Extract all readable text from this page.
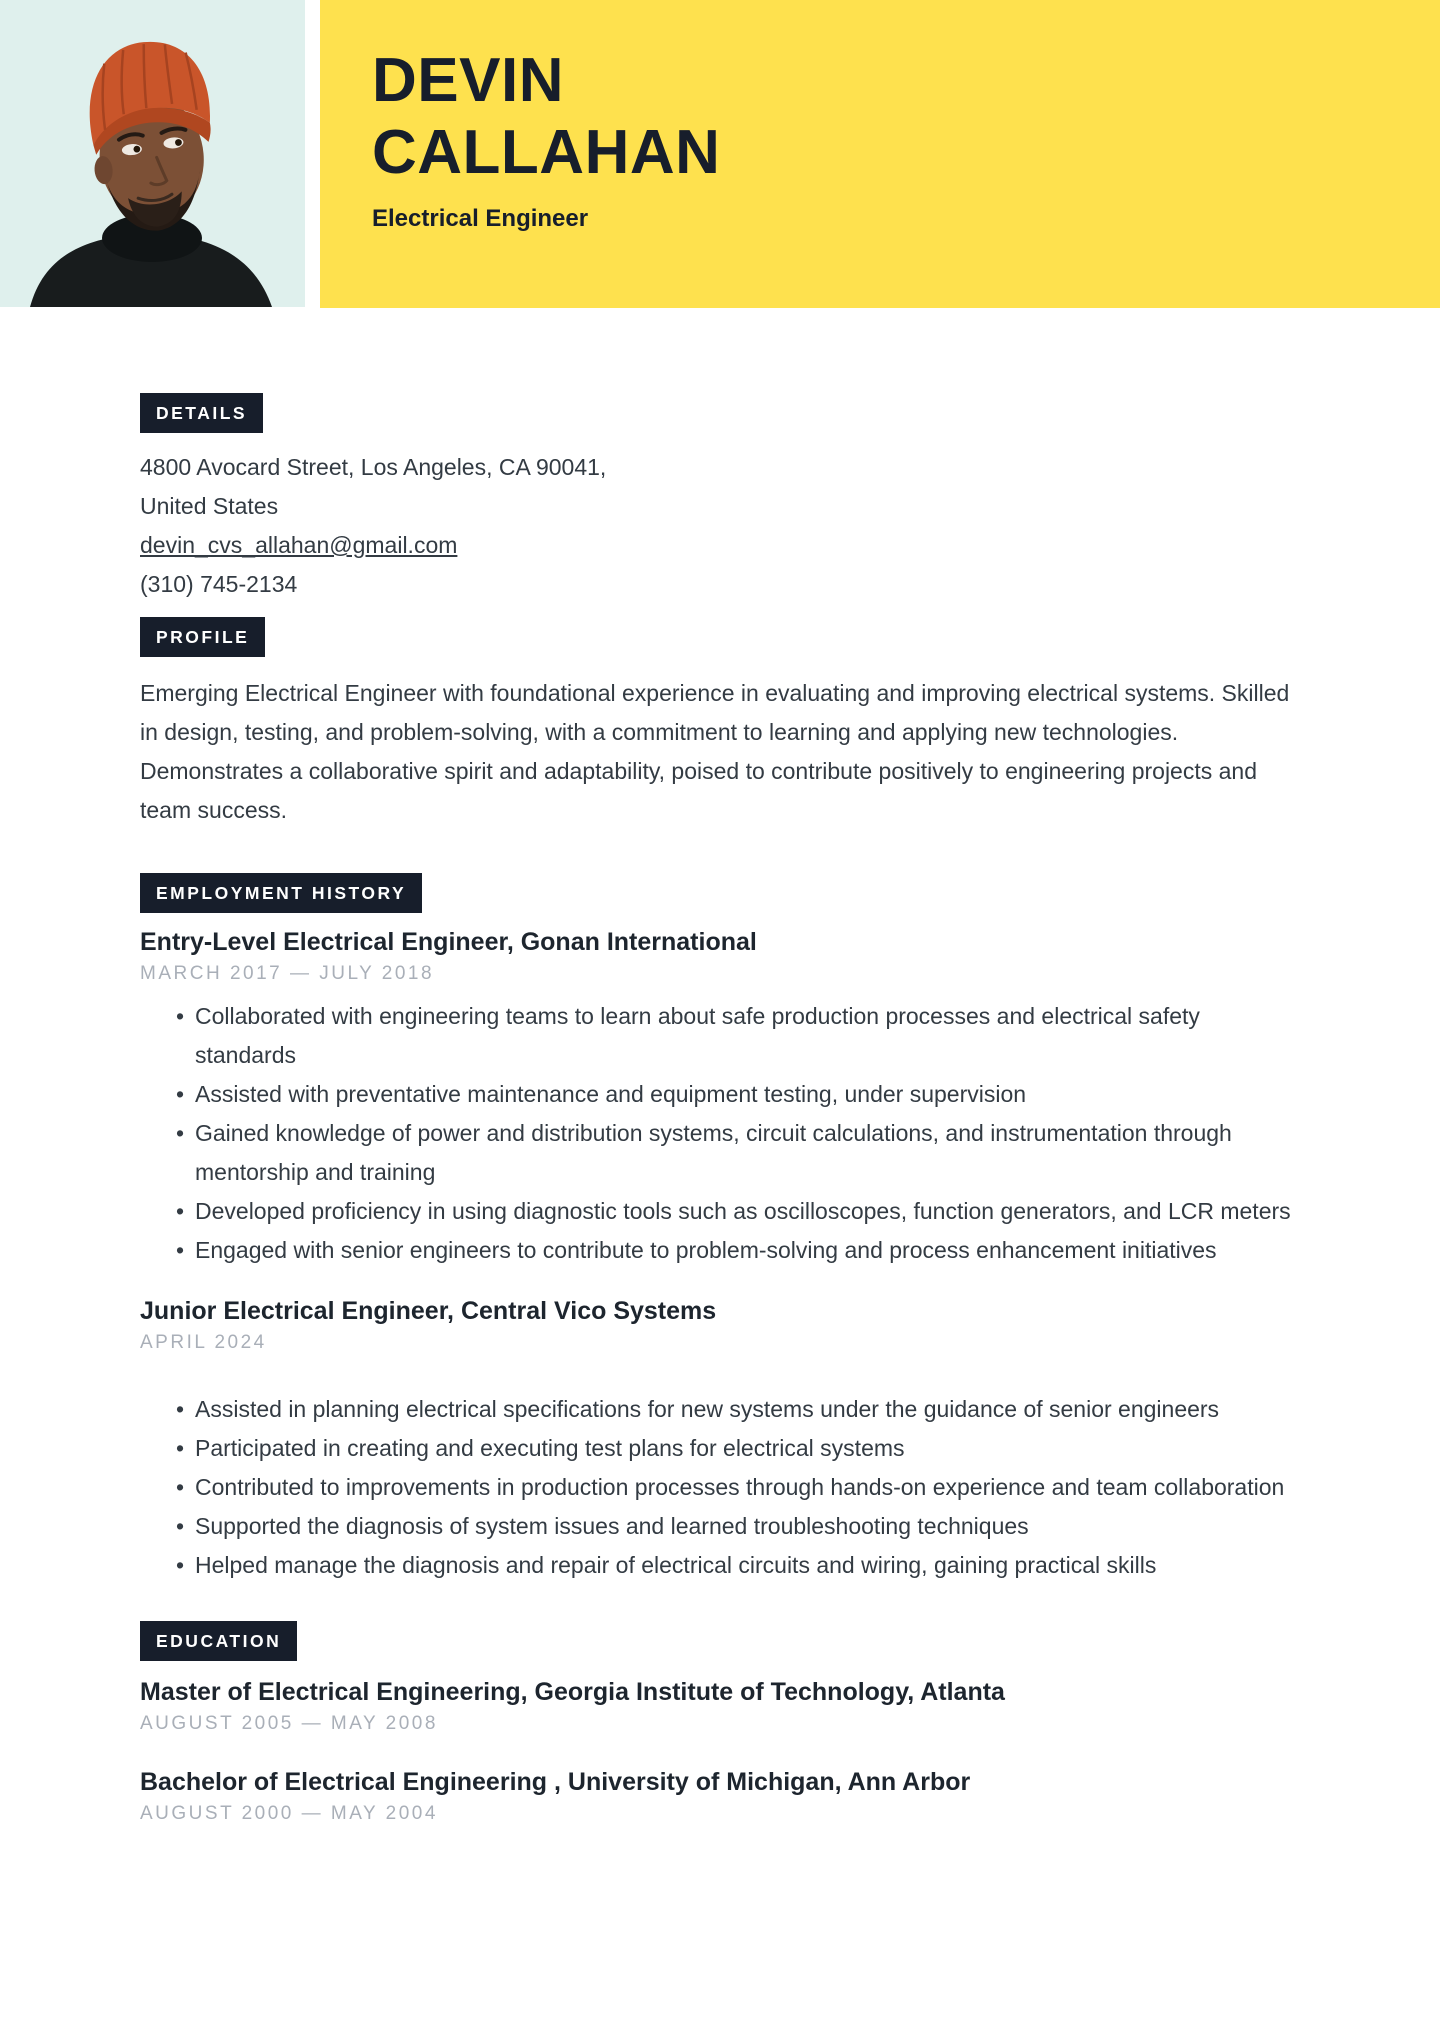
DEVIN CALLAHAN
Electrical Engineer
DETAILS
4800 Avocard Street, Los Angeles, CA 90041,
United States
devin_cvs_allahan@gmail.com
(310) 745-2134
PROFILE
Emerging Electrical Engineer with foundational experience in evaluating and improving electrical systems. Skilled in design, testing, and problem-solving, with a commitment to learning and applying new technologies. Demonstrates a collaborative spirit and adaptability, poised to contribute positively to engineering projects and team success.
EMPLOYMENT HISTORY
Entry-Level Electrical Engineer, Gonan International
MARCH 2017 — JULY 2018
• Collaborated with engineering teams to learn about safe production processes and electrical safety standards
• Assisted with preventative maintenance and equipment testing, under supervision
• Gained knowledge of power and distribution systems, circuit calculations, and instrumentation through mentorship and training
• Developed proficiency in using diagnostic tools such as oscilloscopes, function generators, and LCR meters
• Engaged with senior engineers to contribute to problem-solving and process enhancement initiatives
Junior Electrical Engineer, Central Vico Systems
APRIL 2024
• Assisted in planning electrical specifications for new systems under the guidance of senior engineers
• Participated in creating and executing test plans for electrical systems
• Contributed to improvements in production processes through hands-on experience and team collaboration
• Supported the diagnosis of system issues and learned troubleshooting techniques
• Helped manage the diagnosis and repair of electrical circuits and wiring, gaining practical skills
EDUCATION
Master of Electrical Engineering, Georgia Institute of Technology, Atlanta
AUGUST 2005 — MAY 2008
Bachelor of Electrical Engineering , University of Michigan, Ann Arbor
AUGUST 2000 — MAY 2004
